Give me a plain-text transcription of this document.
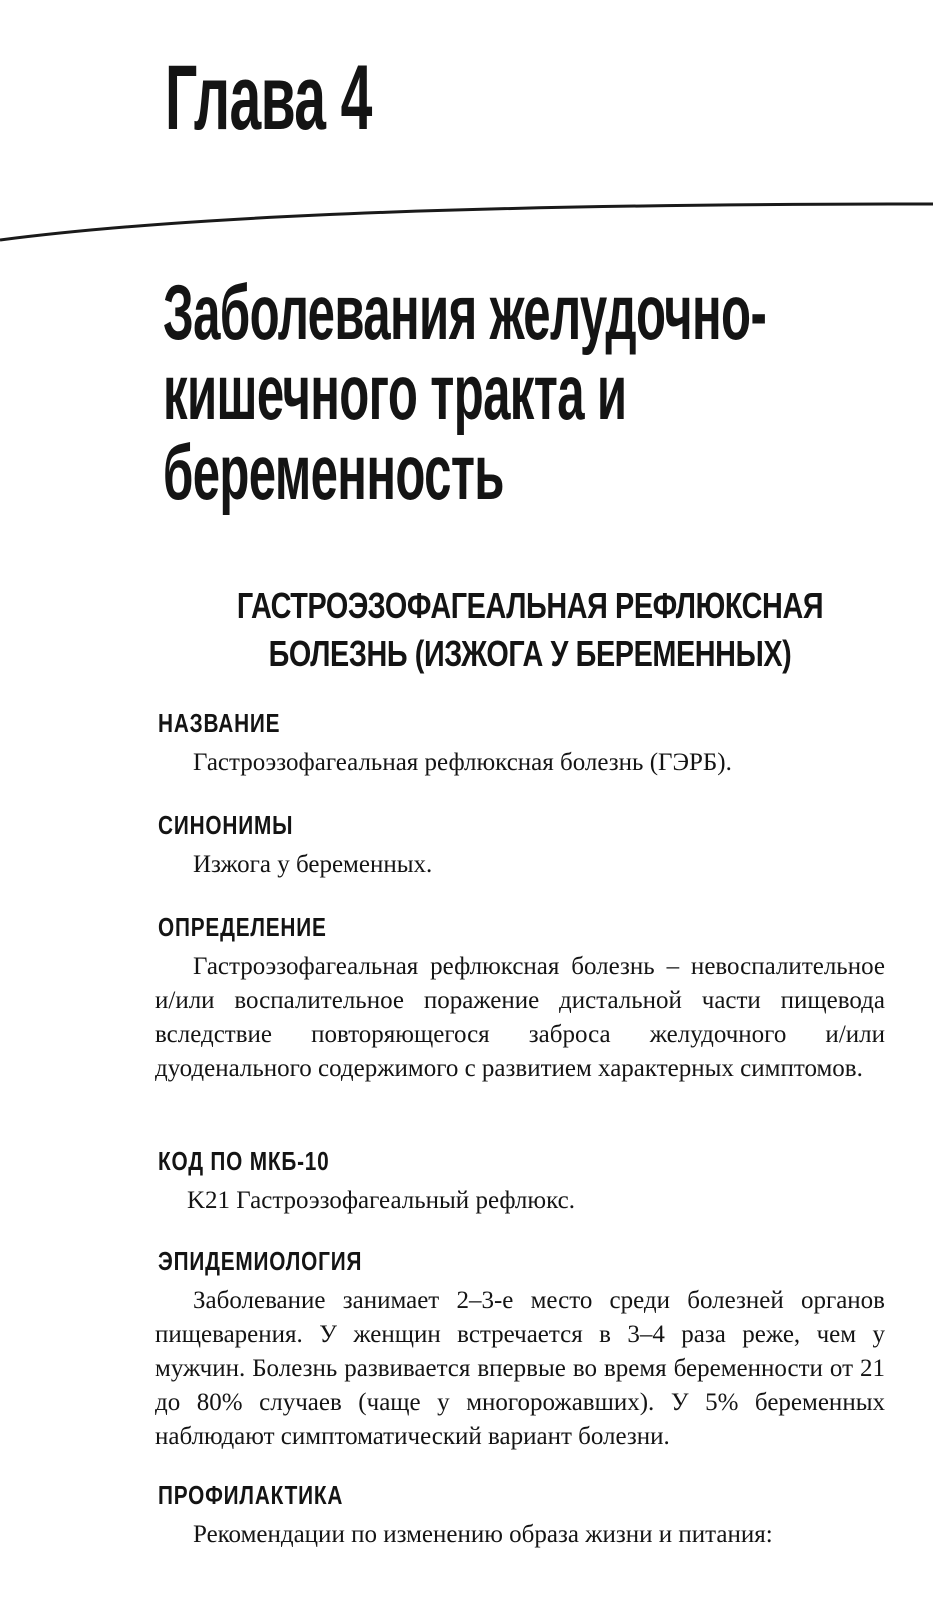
Глава 4
Заболевания желудочно-
кишечного тракта и
беременность
ГАСТРОЭЗОФАГЕАЛЬНАЯ РЕФЛЮКСНАЯ
БОЛЕЗНЬ (ИЗЖОГА У БЕРЕМЕННЫХ)
НАЗВАНИЕ

Гастроэзофагеальная рефлюксная болезнь (ГЭРБ).

СИНОНИМЫ

Изжога у беременных.

ОПРЕДЕЛЕНИЕ

Гастроэзофагеальная рефлюксная болезнь – невоспалительное и/или воспалительное поражение дистальной части пищевода вследствие повторяющегося заброса желудочного и/или дуоденального содержимого с развитием характерных симптомов.

КОД ПО МКБ-10

K21 Гастроэзофагеальный рефлюкс.

ЭПИДЕМИОЛОГИЯ

Заболевание занимает 2–3-е место среди болезней органов пищеварения. У женщин встречается в 3–4 раза реже, чем у мужчин. Болезнь развивается впервые во время беременности от 21 до 80% случаев (чаще у многорожавших). У 5% беременных наблюдают симптоматический вариант болезни.

ПРОФИЛАКТИКА

Рекомендации по изменению образа жизни и питания:
